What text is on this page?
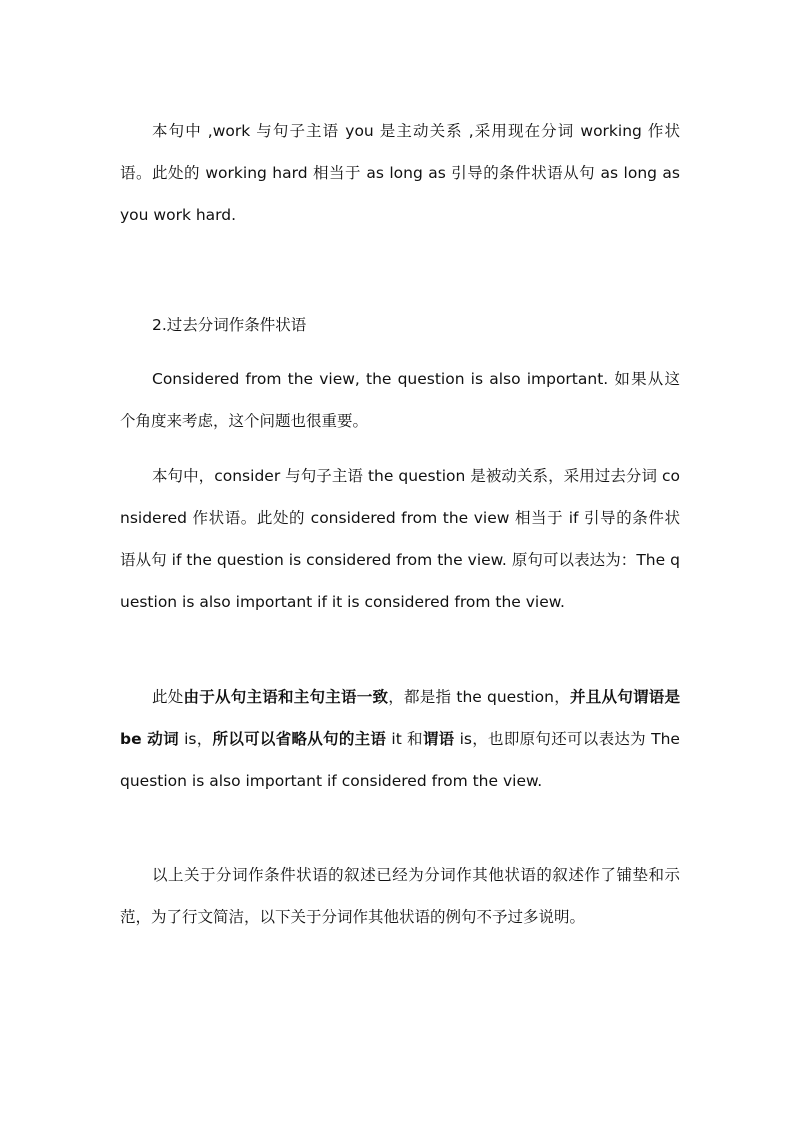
本句中 ,work 与句子主语 you 是主动关系 ,采用现在分词 working 作状语。此处的 working hard 相当于 as long as 引导的条件状语从句 as long as you work hard.

2.过去分词作条件状语

Considered from the view, the question is also important. 如果从这个角度来考虑，这个问题也很重要。

本句中，consider 与句子主语 the question 是被动关系，采用过去分词 considered 作状语。此处的 considered from the view 相当于 if 引导的条件状语从句 if the question is considered from the view. 原句可以表达为：The question is also important if it is considered from the view.

此处由于从句主语和主句主语一致，都是指 the question，并且从句谓语是 be 动词 is，所以可以省略从句的主语 it 和谓语 is，也即原句还可以表达为 The question is also important if considered from the view.

以上关于分词作条件状语的叙述已经为分词作其他状语的叙述作了铺垫和示范，为了行文简洁，以下关于分词作其他状语的例句不予过多说明。
